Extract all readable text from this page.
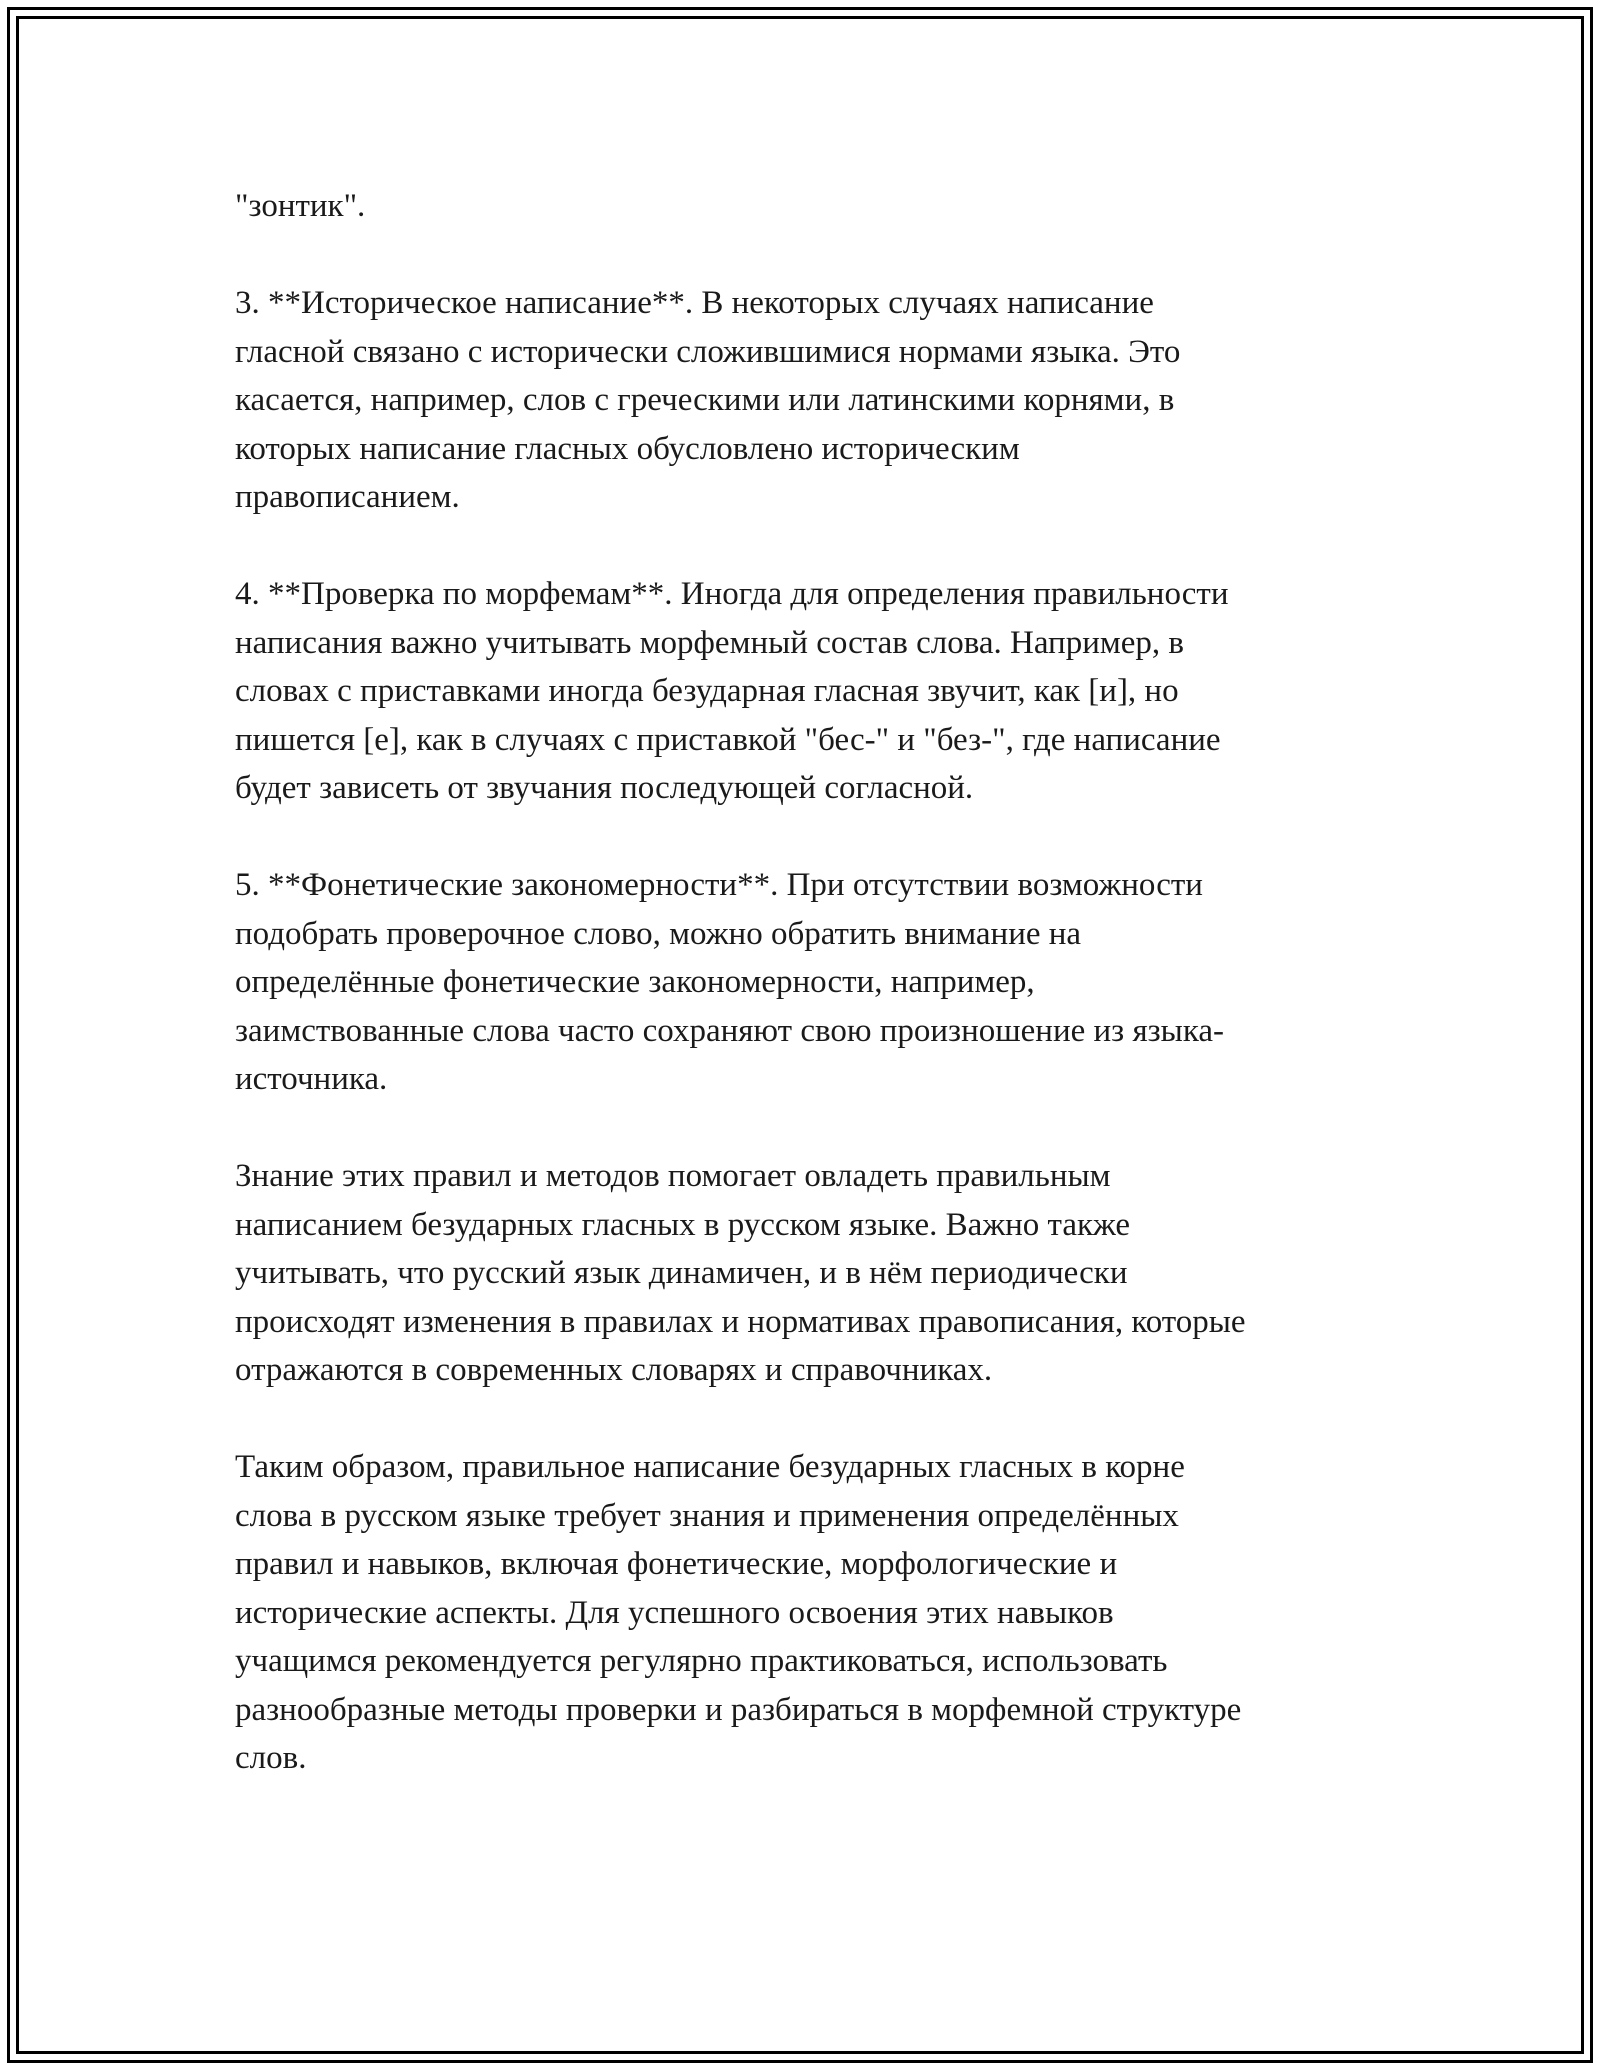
"зонтик".
3. **Историческое написание**. В некоторых случаях написание
гласной связано с исторически сложившимися нормами языка. Это
касается, например, слов с греческими или латинскими корнями, в
которых написание гласных обусловлено историческим
правописанием.
4. **Проверка по морфемам**. Иногда для определения правильности
написания важно учитывать морфемный состав слова. Например, в
словах с приставками иногда безударная гласная звучит, как [и], но
пишется [е], как в случаях с приставкой "бес-" и "без-", где написание
будет зависеть от звучания последующей согласной.
5. **Фонетические закономерности**. При отсутствии возможности
подобрать проверочное слово, можно обратить внимание на
определённые фонетические закономерности, например,
заимствованные слова часто сохраняют свою произношение из языка-
источника.
Знание этих правил и методов помогает овладеть правильным
написанием безударных гласных в русском языке. Важно также
учитывать, что русский язык динамичен, и в нём периодически
происходят изменения в правилах и нормативах правописания, которые
отражаются в современных словарях и справочниках.
Таким образом, правильное написание безударных гласных в корне
слова в русском языке требует знания и применения определённых
правил и навыков, включая фонетические, морфологические и
исторические аспекты. Для успешного освоения этих навыков
учащимся рекомендуется регулярно практиковаться, использовать
разнообразные методы проверки и разбираться в морфемной структуре
слов.
